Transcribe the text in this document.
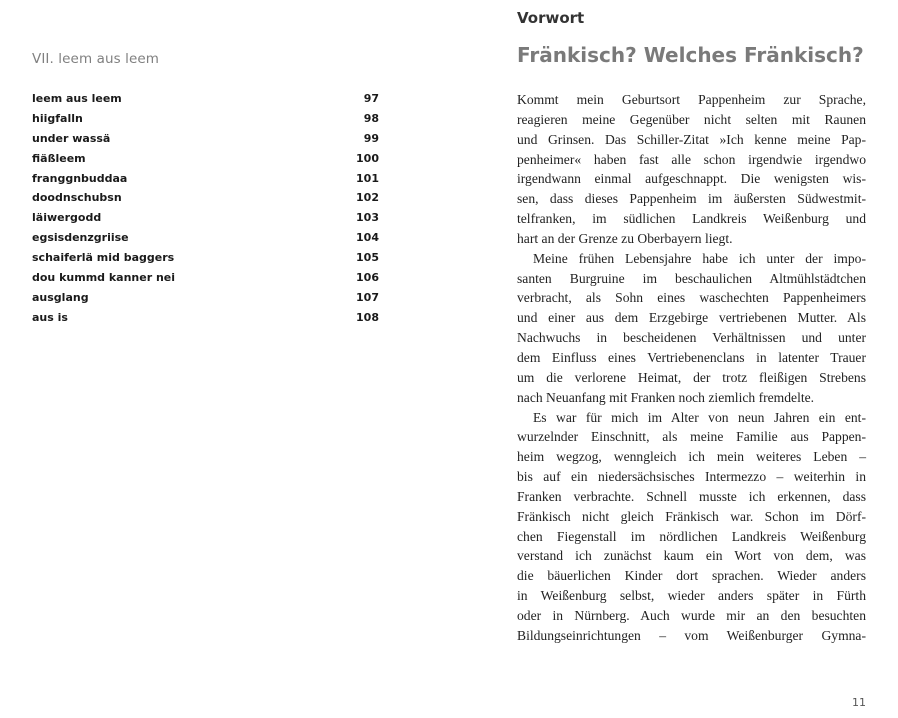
VII. leem aus leem
leem aus leem	97
hiigfalln	98
under wassä	99
fiäßleem	100
franggnbuddaa	101
doodnschubsn	102
läiwergodd	103
egsisdenzgriise	104
schaiferlä mid baggers	105
dou kummd kanner nei	106
ausglang	107
aus is	108
Vorwort
Fränkisch? Welches Fränkisch?
Kommt mein Geburtsort Pappenheim zur Sprache,
reagieren meine Gegenüber nicht selten mit Raunen
und Grinsen. Das Schiller-Zitat »Ich kenne meine Pap-
penheimer« haben fast alle schon irgendwie irgendwo
irgendwann einmal aufgeschnappt. Die wenigsten wis-
sen, dass dieses Pappenheim im äußersten Südwestmit-
telfranken, im südlichen Landkreis Weißenburg und
hart an der Grenze zu Oberbayern liegt.
Meine frühen Lebensjahre habe ich unter der impo-
santen Burgruine im beschaulichen Altmühlstädtchen
verbracht, als Sohn eines waschechten Pappenheimers
und einer aus dem Erzgebirge vertriebenen Mutter. Als
Nachwuchs in bescheidenen Verhältnissen und unter
dem Einfluss eines Vertriebenenclans in latenter Trauer
um die verlorene Heimat, der trotz fleißigen Strebens
nach Neuanfang mit Franken noch ziemlich fremdelte.
Es war für mich im Alter von neun Jahren ein ent-
wurzelnder Einschnitt, als meine Familie aus Pappen-
heim wegzog, wenngleich ich mein weiteres Leben –
bis auf ein niedersächsisches Intermezzo – weiterhin in
Franken verbrachte. Schnell musste ich erkennen, dass
Fränkisch nicht gleich Fränkisch war. Schon im Dörf-
chen Fiegenstall im nördlichen Landkreis Weißenburg
verstand ich zunächst kaum ein Wort von dem, was
die bäuerlichen Kinder dort sprachen. Wieder anders
in Weißenburg selbst, wieder anders später in Fürth
oder in Nürnberg. Auch wurde mir an den besuchten
Bildungseinrichtungen – vom Weißenburger Gymna-
11
